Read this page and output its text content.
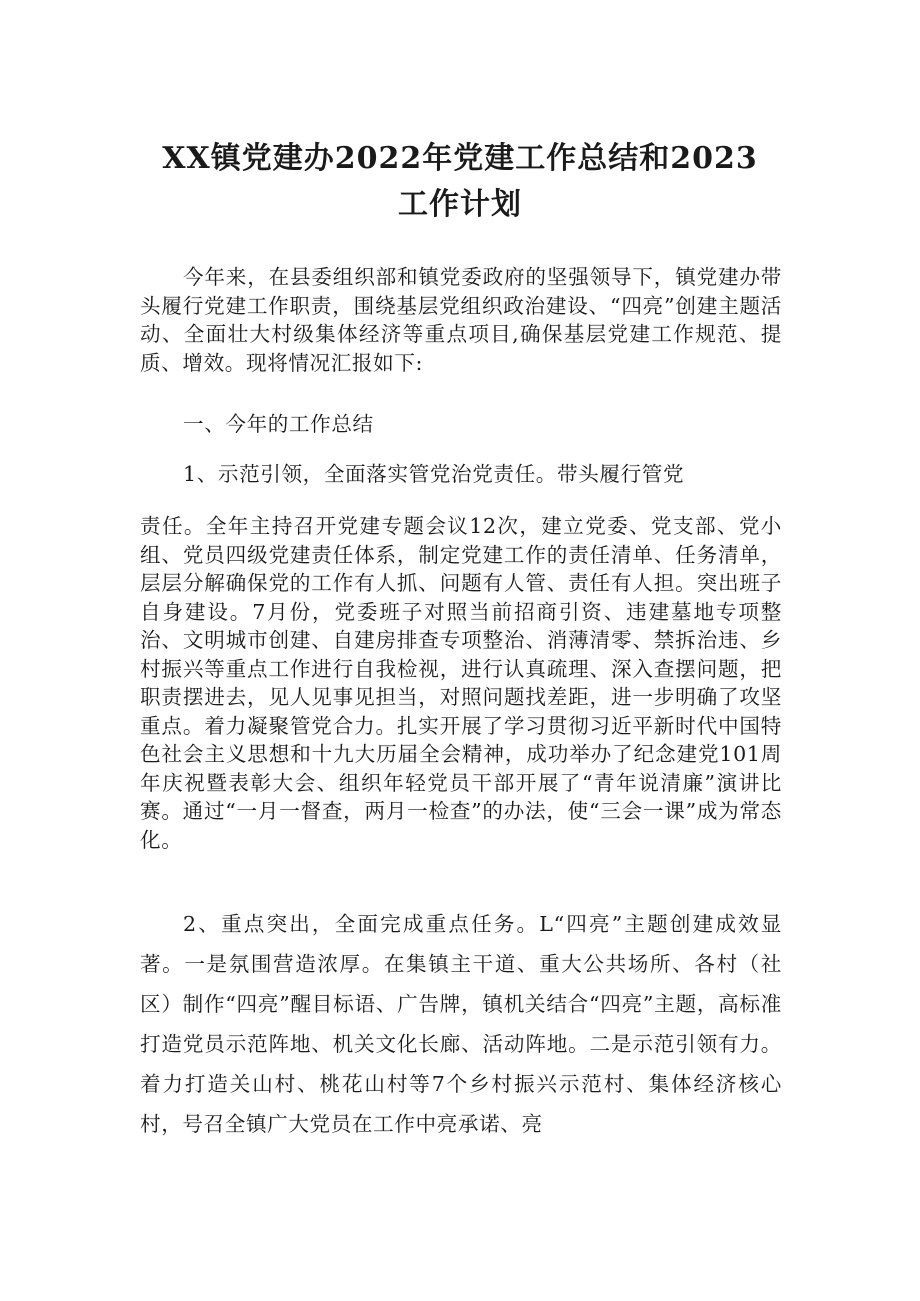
XX镇党建办2022年党建工作总结和2023
工作计划

今年来，在县委组织部和镇党委政府的坚强领导下，镇党建办带头履行党建工作职责，围绕基层党组织政治建设、“四亮”创建主题活动、全面壮大村级集体经济等重点项目,确保基层党建工作规范、提质、增效。现将情况汇报如下:

一、今年的工作总结

1、示范引领，全面落实管党治党责任。带头履行管党

责任。全年主持召开党建专题会议12次，建立党委、党支部、党小组、党员四级党建责任体系，制定党建工作的责任清单、任务清单，层层分解确保党的工作有人抓、问题有人管、责任有人担。突出班子自身建设。7月份，党委班子对照当前招商引资、违建墓地专项整治、文明城市创建、自建房排查专项整治、消薄清零、禁拆治违、乡村振兴等重点工作进行自我检视，进行认真疏理、深入查摆问题，把职责摆进去，见人见事见担当，对照问题找差距，进一步明确了攻坚重点。着力凝聚管党合力。扎实开展了学习贯彻习近平新时代中国特色社会主义思想和十九大历届全会精神，成功举办了纪念建党101周年庆祝暨表彰大会、组织年轻党员干部开展了“青年说清廉”演讲比赛。通过“一月一督查，两月一检查”的办法，使“三会一课”成为常态化。

2、重点突出，全面完成重点任务。L“四亮”主题创建成效显著。一是氛围营造浓厚。在集镇主干道、重大公共场所、各村（社区）制作“四亮”醒目标语、广告牌，镇机关结合“四亮”主题，高标准打造党员示范阵地、机关文化长廊、活动阵地。二是示范引领有力。着力打造关山村、桃花山村等7个乡村振兴示范村、集体经济核心村，号召全镇广大党员在工作中亮承诺、亮
